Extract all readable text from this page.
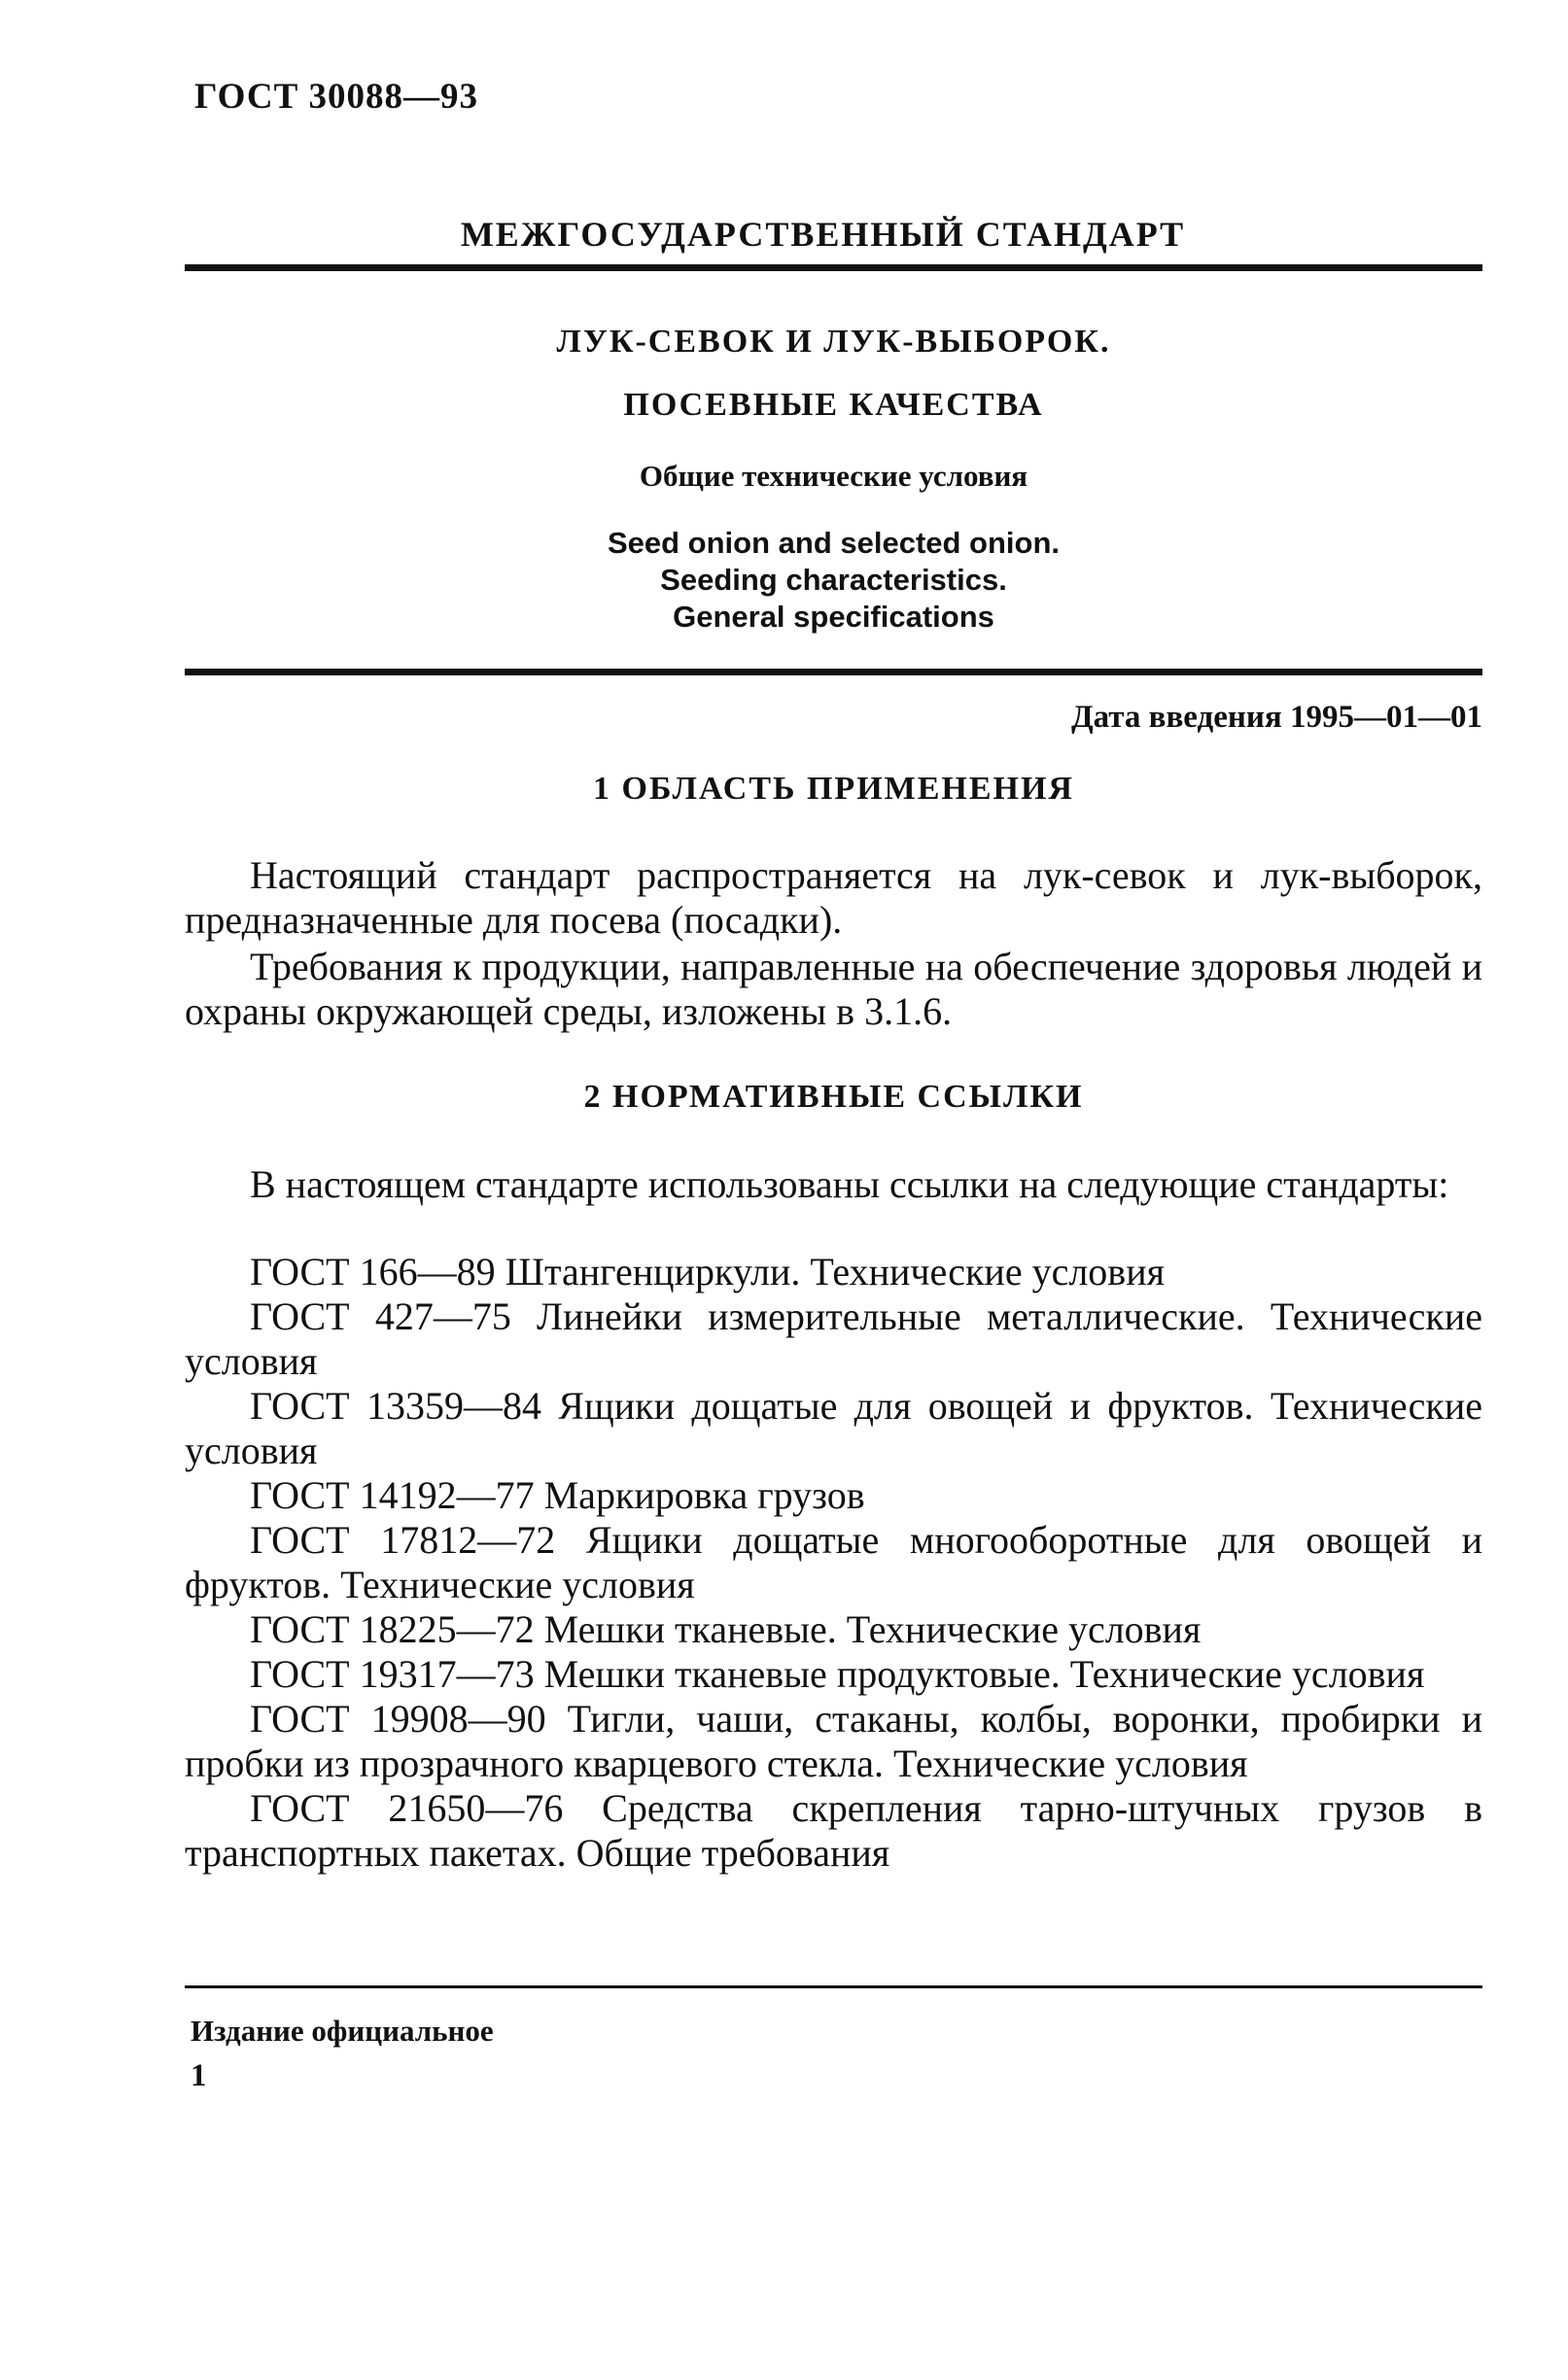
ГОСТ 30088—93
МЕЖГОСУДАРСТВЕННЫЙ СТАНДАРТ
ЛУК-СЕВОК И ЛУК-ВЫБОРОК.
ПОСЕВНЫЕ КАЧЕСТВА
Общие технические условия
Seed onion and selected onion.
Seeding characteristics.
General specifications
Дата введения 1995—01—01
1 ОБЛАСТЬ ПРИМЕНЕНИЯ
Настоящий стандарт распространяется на лук-севок и лук-выборок, предназначенные для посева (посадки).
Требования к продукции, направленные на обеспечение здоровья людей и охраны окружающей среды, изложены в 3.1.6.
2 НОРМАТИВНЫЕ ССЫЛКИ
В настоящем стандарте использованы ссылки на следующие стандарты:

ГОСТ 166—89 Штангенциркули. Технические условия

ГОСТ 427—75 Линейки измерительные металлические. Технические условия

ГОСТ 13359—84 Ящики дощатые для овощей и фруктов. Технические условия

ГОСТ 14192—77 Маркировка грузов

ГОСТ 17812—72 Ящики дощатые многооборотные для овощей и фруктов. Технические условия

ГОСТ 18225—72 Мешки тканевые. Технические условия

ГОСТ 19317—73 Мешки тканевые продуктовые. Технические условия

ГОСТ 19908—90 Тигли, чаши, стаканы, колбы, воронки, пробирки и пробки из прозрачного кварцевого стекла. Технические условия

ГОСТ 21650—76 Средства скрепления тарно-штучных грузов в транспортных пакетах. Общие требования

Издание официальное
1
